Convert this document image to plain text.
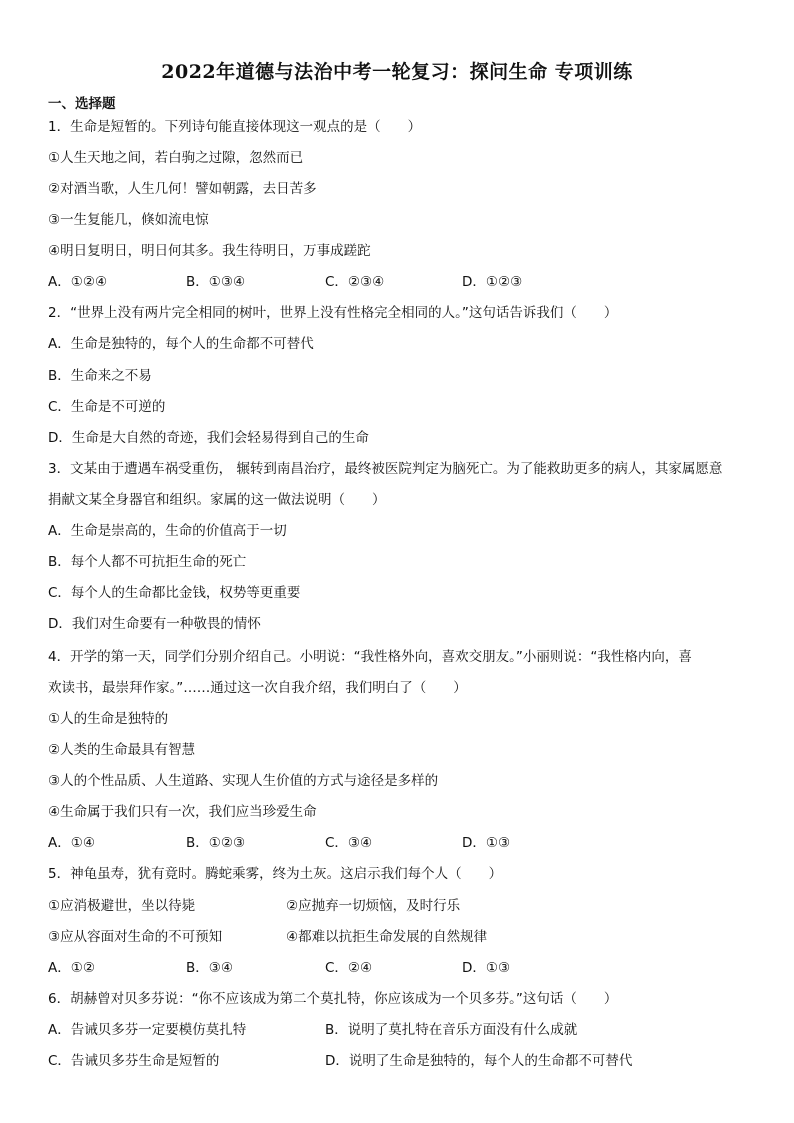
2022年道德与法治中考一轮复习：探问生命 专项训练
一、选择题
1．生命是短暂的。下列诗句能直接体现这一观点的是（　　）
①人生天地之间，若白驹之过隙，忽然而已
②对酒当歌，人生几何！譬如朝露，去日苦多
③一生复能几，倏如流电惊
④明日复明日，明日何其多。我生待明日，万事成蹉跎
A．①②④	B．①③④	C．②③④	D．①②③
2．“世界上没有两片完全相同的树叶，世界上没有性格完全相同的人。”这句话告诉我们（　　）
A．生命是独特的，每个人的生命都不可替代
B．生命来之不易
C．生命是不可逆的
D．生命是大自然的奇迹，我们会轻易得到自己的生命
3．文某由于遭遇车祸受重伤， 辗转到南昌治疗，最终被医院判定为脑死亡。为了能救助更多的病人，其家属愿意
捐献文某全身器官和组织。家属的这一做法说明（　　）
A．生命是崇高的，生命的价值高于一切
B．每个人都不可抗拒生命的死亡
C．每个人的生命都比金钱，权势等更重要
D．我们对生命要有一种敬畏的情怀
4．开学的第一天，同学们分别介绍自己。小明说：“我性格外向，喜欢交朋友。”小丽则说：“我性格内向，喜
欢读书，最崇拜作家。”……通过这一次自我介绍，我们明白了（　　）
①人的生命是独特的
②人类的生命最具有智慧
③人的个性品质、人生道路、实现人生价值的方式与途径是多样的
④生命属于我们只有一次，我们应当珍爱生命
A．①④	B．①②③	C．③④	D．①③
5．神龟虽寿，犹有竟时。腾蛇乘雾，终为土灰。这启示我们每个人（　　）
①应消极避世，坐以待毙	②应抛弃一切烦恼，及时行乐
③应从容面对生命的不可预知	④都难以抗拒生命发展的自然规律
A．①②	B．③④	C．②④	D．①③
6．胡赫曾对贝多芬说：“你不应该成为第二个莫扎特，你应该成为一个贝多芬。”这句话（　　）
A．告诫贝多芬一定要模仿莫扎特	B．说明了莫扎特在音乐方面没有什么成就
C．告诫贝多芬生命是短暂的	D．说明了生命是独特的，每个人的生命都不可替代
